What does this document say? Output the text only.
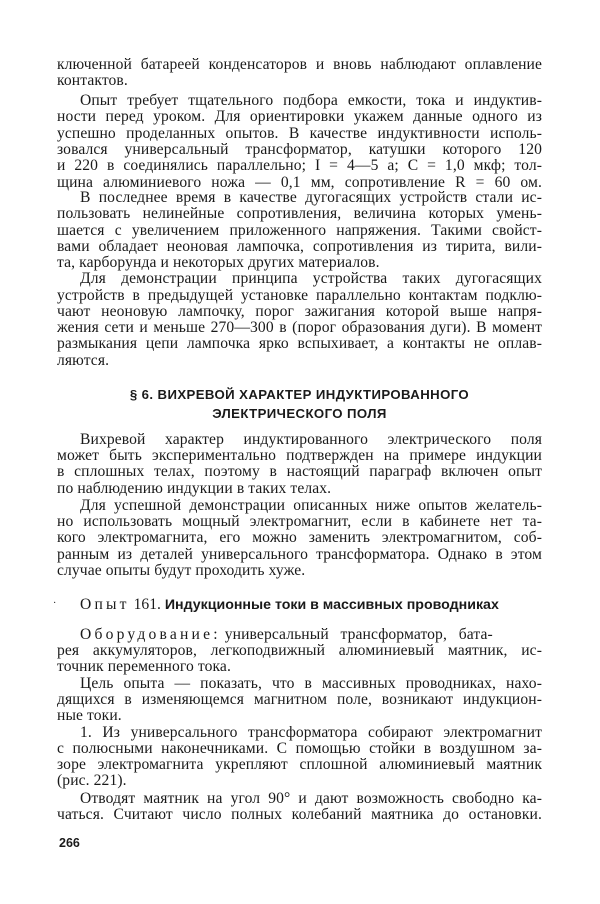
ключенной батареей конденсаторов и вновь наблюдают оплавление
контактов.
Опыт требует тщательного подбора емкости, тока и индуктив-
ности перед уроком. Для ориентировки укажем данные одного из
успешно проделанных опытов. В качестве индуктивности исполь-
зовался универсальный трансформатор, катушки которого 120
и 220 в соединялись параллельно; I = 4—5 а; C = 1,0 мкф; тол-
щина алюминиевого ножа — 0,1 мм, сопротивление R = 60 ом.
В последнее время в качестве дугогасящих устройств стали ис-
пользовать нелинейные сопротивления, величина которых умень-
шается с увеличением приложенного напряжения. Такими свойст-
вами обладает неоновая лампочка, сопротивления из тирита, вили-
та, карборунда и некоторых других материалов.
Для демонстрации принципа устройства таких дугогасящих
устройств в предыдущей установке параллельно контактам подклю-
чают неоновую лампочку, порог зажигания которой выше напря-
жения сети и меньше 270—300 в (порог образования дуги). В момент
размыкания цепи лампочка ярко вспыхивает, а контакты не оплав-
ляются.
§ 6. ВИХРЕВОЙ ХАРАКТЕР ИНДУКТИРОВАННОГО
ЭЛЕКТРИЧЕСКОГО ПОЛЯ
Вихревой характер индуктированного электрического поля
может быть экспериментально подтвержден на примере индукции
в сплошных телах, поэтому в настоящий параграф включен опыт
по наблюдению индукции в таких телах.
Для успешной демонстрации описанных ниже опытов желатель-
но использовать мощный электромагнит, если в кабинете нет та-
кого электромагнита, его можно заменить электромагнитом, соб-
ранным из деталей универсального трансформатора. Однако в этом
случае опыты будут проходить хуже.
· Опыт 161. Индукционные токи в массивных проводниках
Оборудование: универсальный трансформатор, бата-
рея аккумуляторов, легкоподвижный алюминиевый маятник, ис-
точник переменного тока.
Цель опыта — показать, что в массивных проводниках, нахо-
дящихся в изменяющемся магнитном поле, возникают индукцион-
ные токи.
1. Из универсального трансформатора собирают электромагнит
с полюсными наконечниками. С помощью стойки в воздушном за-
зоре электромагнита укрепляют сплошной алюминиевый маятник
(рис. 221).
Отводят маятник на угол 90° и дают возможность свободно ка-
чаться. Считают число полных колебаний маятника до остановки.
266
